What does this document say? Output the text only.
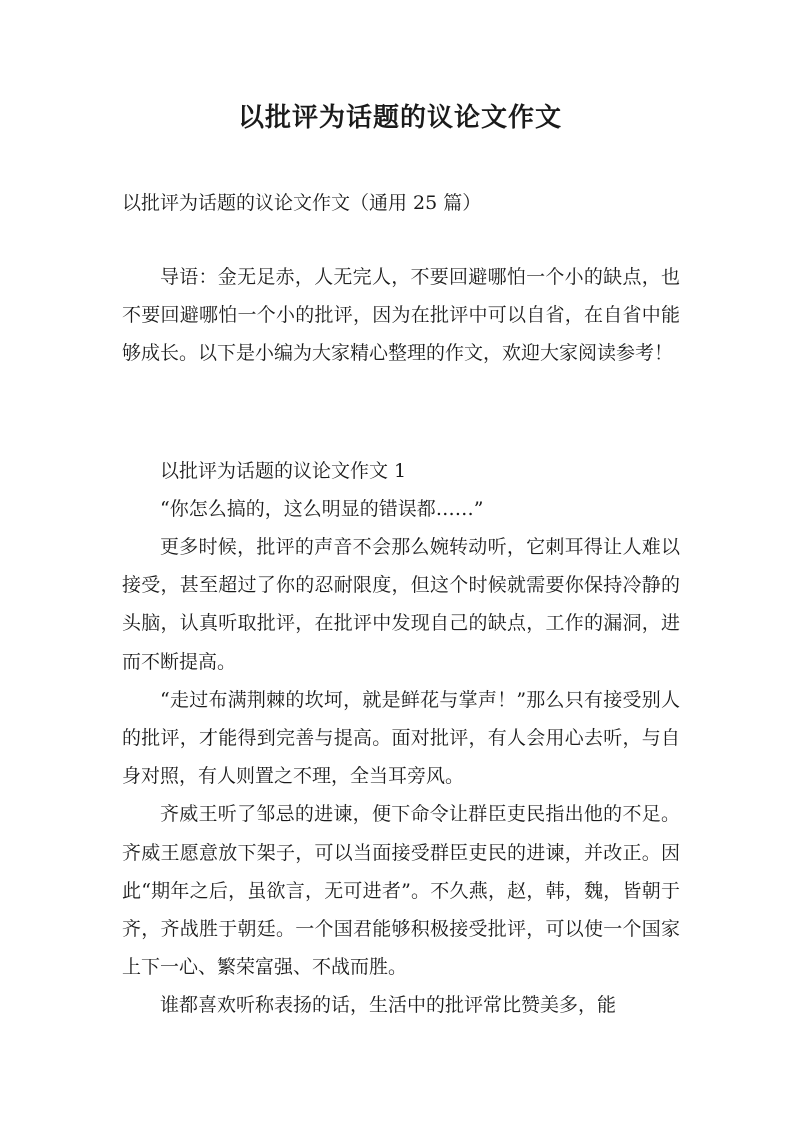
以批评为话题的议论文作文

以批评为话题的议论文作文（通用 25 篇）

导语：金无足赤，人无完人，不要回避哪怕一个小的缺点，也不要回避哪怕一个小的批评，因为在批评中可以自省，在自省中能够成长。以下是小编为大家精心整理的作文，欢迎大家阅读参考！

以批评为话题的议论文作文 1

“你怎么搞的，这么明显的错误都……”

更多时候，批评的声音不会那么婉转动听，它刺耳得让人难以接受，甚至超过了你的忍耐限度，但这个时候就需要你保持冷静的头脑，认真听取批评，在批评中发现自己的缺点，工作的漏洞，进而不断提高。

“走过布满荆棘的坎坷，就是鲜花与掌声！”那么只有接受别人的批评，才能得到完善与提高。面对批评，有人会用心去听，与自身对照，有人则置之不理，全当耳旁风。

齐威王听了邹忌的进谏，便下命令让群臣吏民指出他的不足。齐威王愿意放下架子，可以当面接受群臣吏民的进谏，并改正。因此“期年之后，虽欲言，无可进者”。不久燕，赵，韩，魏，皆朝于齐，齐战胜于朝廷。一个国君能够积极接受批评，可以使一个国家上下一心、繁荣富强、不战而胜。

谁都喜欢听称表扬的话，生活中的批评常比赞美多，能
